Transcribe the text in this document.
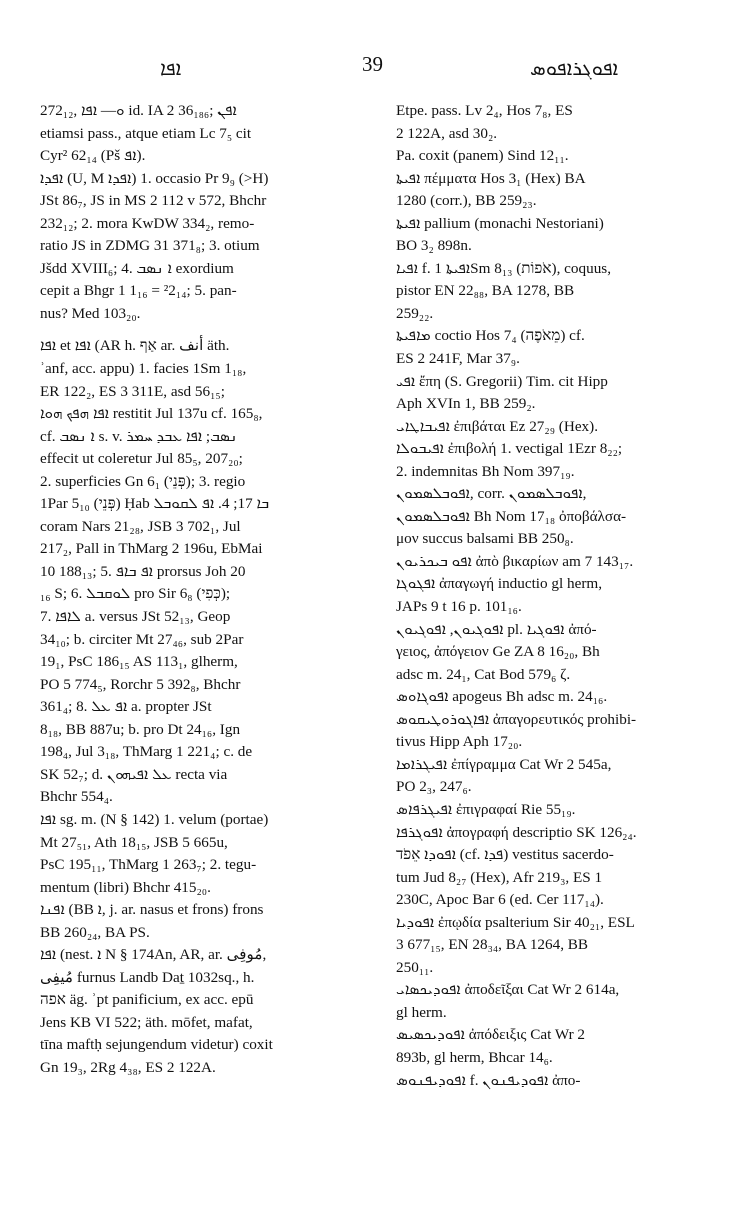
ܐܦܐ	39	ܐܦܘܓܪܐܦܘܣ
272₁₂, ܘ— ܐܦܐ id. IA 2 36₁₈₆; ܐܦܢ
etiamsi pass., atque etiam Lc 7₅ cit
Cyr² 62₁₄ (Pš ܐܦ).
ܐܦܕܐ (U, M ܐܦܕܐ) 1. occasio Pr 9₉ (>H)
JSt 86₇, JS in MS 2 112 v 572, Bhchr
232₁₂; 2. mora KwDW 334₂, remo-
ratio JS in ZDMG 31 371₈; 3. otium
Jšdd XVIII₆; 4. ܐ ܢܣܒ exordium
cepit a Bhgr 1 1₁₆ = ²2₁₄; 5. pan-
nus? Med 103₂₀.
ܐܦܐ et ܐܦܐ (AR h. אַף ar. أنف äth.
ʾanf, acc. appu) 1. facies 1Sm 1₁₈,
ER 122₂, ES 3 311E, asd 56₁₅;
ܐܦܐ ܗܦܟ ܗܘܐ restitit Jul 137u cf. 165₈,
cf. ܐ ܢܣܒ s. v. ܢܣܒ; ܐܦܐ ܥܒܕ ܚܡܪ
effecit ut coleretur Jul 85₅, 207₂₀;
2. superficies Gn 6₁ (פְּנֵי); 3. regio
1Par 5₁₀ (פְּנֵי) Ḥab ܒܐ 17; 4. ܐܦ ܠܩܘܒܠ
coram Nars 21₂₈, JSB 3 702₁, Jul
217₂, Pall in ThMarg 2 196u, EbMai
10 188₁₃; 5. ܐܦ ܒܐܦ prorsus Joh 20
₁₆ S; 6. ܠܘܩܒܠ pro Sir 6₈ (כְּפִי);
7. ܠܐܦܐ a. versus JSt 52₁₃, Geop
34₁₀; b. circiter Mt 27₄₆, sub 2Par
19₁, PsC 186₁₅ AS 113₁, glherm,
PO 5 774₅, Rorchr 5 392₈, Bhchr
361₄; 8. ܐܦ ܥܠ a. propter JSt
8₁₈, BB 887u; b. pro Dt 24₁₆, Ign
198₄, Jul 3₁₈, ThMarg 1 221₄; c. de
SK 52₇; d. ܥܠ ܐܦܝܗܘܢ recta via
Bhchr 554₄.
ܐܦܐ sg. m. (N § 142) 1. velum (portae)
Mt 27₅₁, Ath 18₁₅, JSB 5 665u,
PsC 195₁₁, ThMarg 1 263₇; 2. tegu-
mentum (libri) Bhchr 415₂₀.
ܐܦܢܐ (BB ܐ, j. ar. nasus et frons) frons
BB 260₂₄, BA PS.
ܐܦܐ (nest. ܐ N § 174An, AR, ar. مُوفِى,
مُيفِى furnus Landb Daṯ 1032sq., h.
אפה äg. ʾpt panificium, ex acc. epū
Jens KB VI 522; äth. mōfet, mafat,
tīna maftḥ sejungendum videtur) coxit
Gn 19₃, 2Rg 4₃₈, ES 2 122A.
Etpe. pass. Lv 2₄, Hos 7₈, ES
2 122A, asd 30₂.
Pa. coxit (panem) Sind 12₁₁.
ܐܦܝܬܐ πέμματα Hos 3₁ (Hex) BA
1280 (corr.), BB 259₂₃.
ܐܦܝܬܐ pallium (monachi Nestoriani)
BO 3₂ 898n.
ܐܦܝܐ f. ܐܦܝܬܐ 1Sm 8₁₃ (אֹפוֹת), coquus,
pistor EN 22₈₈, BA 1278, BB
259₂₂.
ܡܐܦܝܬܐ coctio Hos 7₄ (מֵאֹפֶה) cf.
ES 2 241F, Mar 37₉.
ܐܦܝ ἔπη (S. Gregorii) Tim. cit Hipp
Aph XVIn 1, BB 259₂.
ܐܦܝܒܐܛܐܝ ἐπιβάται Ez 27₂₉ (Hex).
ܐܦܝܒܘܠܐ ἐπιβολή 1. vectigal 1Ezr 8₂₂;
2. indemnitas Bh Nom 397₁₉.
ܐܦܘܒܠܣܡܘܢ, corr. ܐܦܘܒܠܣܡܘܢ,
ܐܦܘܒܠܣܡܘܢ Bh Nom 17₁₈ ὀποβάλσα-
μον succus balsami BB 250₈.
ܐܦܘ ܒܝܟܪܝܘܢ ἀπὸ βικαρίων am 7 143₁₇.
ܐܦܓܘܓܐ ἀπαγωγή inductio gl herm,
JAPs 9 t 16 p. 101₁₆.
ܐܦܘܓܝܘܢ, ܐܦܘܓܝܘܢ pl. ܐܦܘܓܝܐ ἀπό-
γειος, ἀπόγειον Ge ZA 8 16₂₀, Bh
adsc m. 24₁, Cat Bod 579₆ ζ.
ܐܦܘܓܐܘܣ apogeus Bh adsc m. 24₁₆.
ܐܦܐܓܘܪܘܛܝܩܘܣ ἀπαγορευτικός prohibi-
tivus Hipp Aph 17₂₀.
ܐܦܝܓܪܐܡܐ ἐπίγραμμα Cat Wr 2 545a,
PO 2₃, 247₆.
ܐܦܝܓܪܦܐܣ ἐπιγραφαί Rie 55₁₉.
ܐܦܘܓܪܦܐ ἀπογραφή descriptio SK 126₂₄.
ܐܦܘܕܐ אֵפֹד (cf. ܦܕܐ) vestitus sacerdo-
tum Jud 8₂₇ (Hex), Afr 219₃, ES 1
230C, Apoc Bar 6 (ed. Cer 117₁₄).
ܐܦܘܕܝܐ ἐπῳδία psalterium Sir 40₂₁, ESL
3 677₁₅, EN 28₃₄, BA 1264, BB
250₁₁.
ܐܦܘܕܝܟܣܐܝ ἀποδεῖξαι Cat Wr 2 614a,
gl herm.
ܐܦܘܕܝܟܣܝܣ ἀπόδειξις Cat Wr 2
893b, gl herm, Bhcar 14₆.
ܐܦܘܕܝܦܢܘܣ f. ܐܦܘܕܝܦܢܘܢ ἀπο-
